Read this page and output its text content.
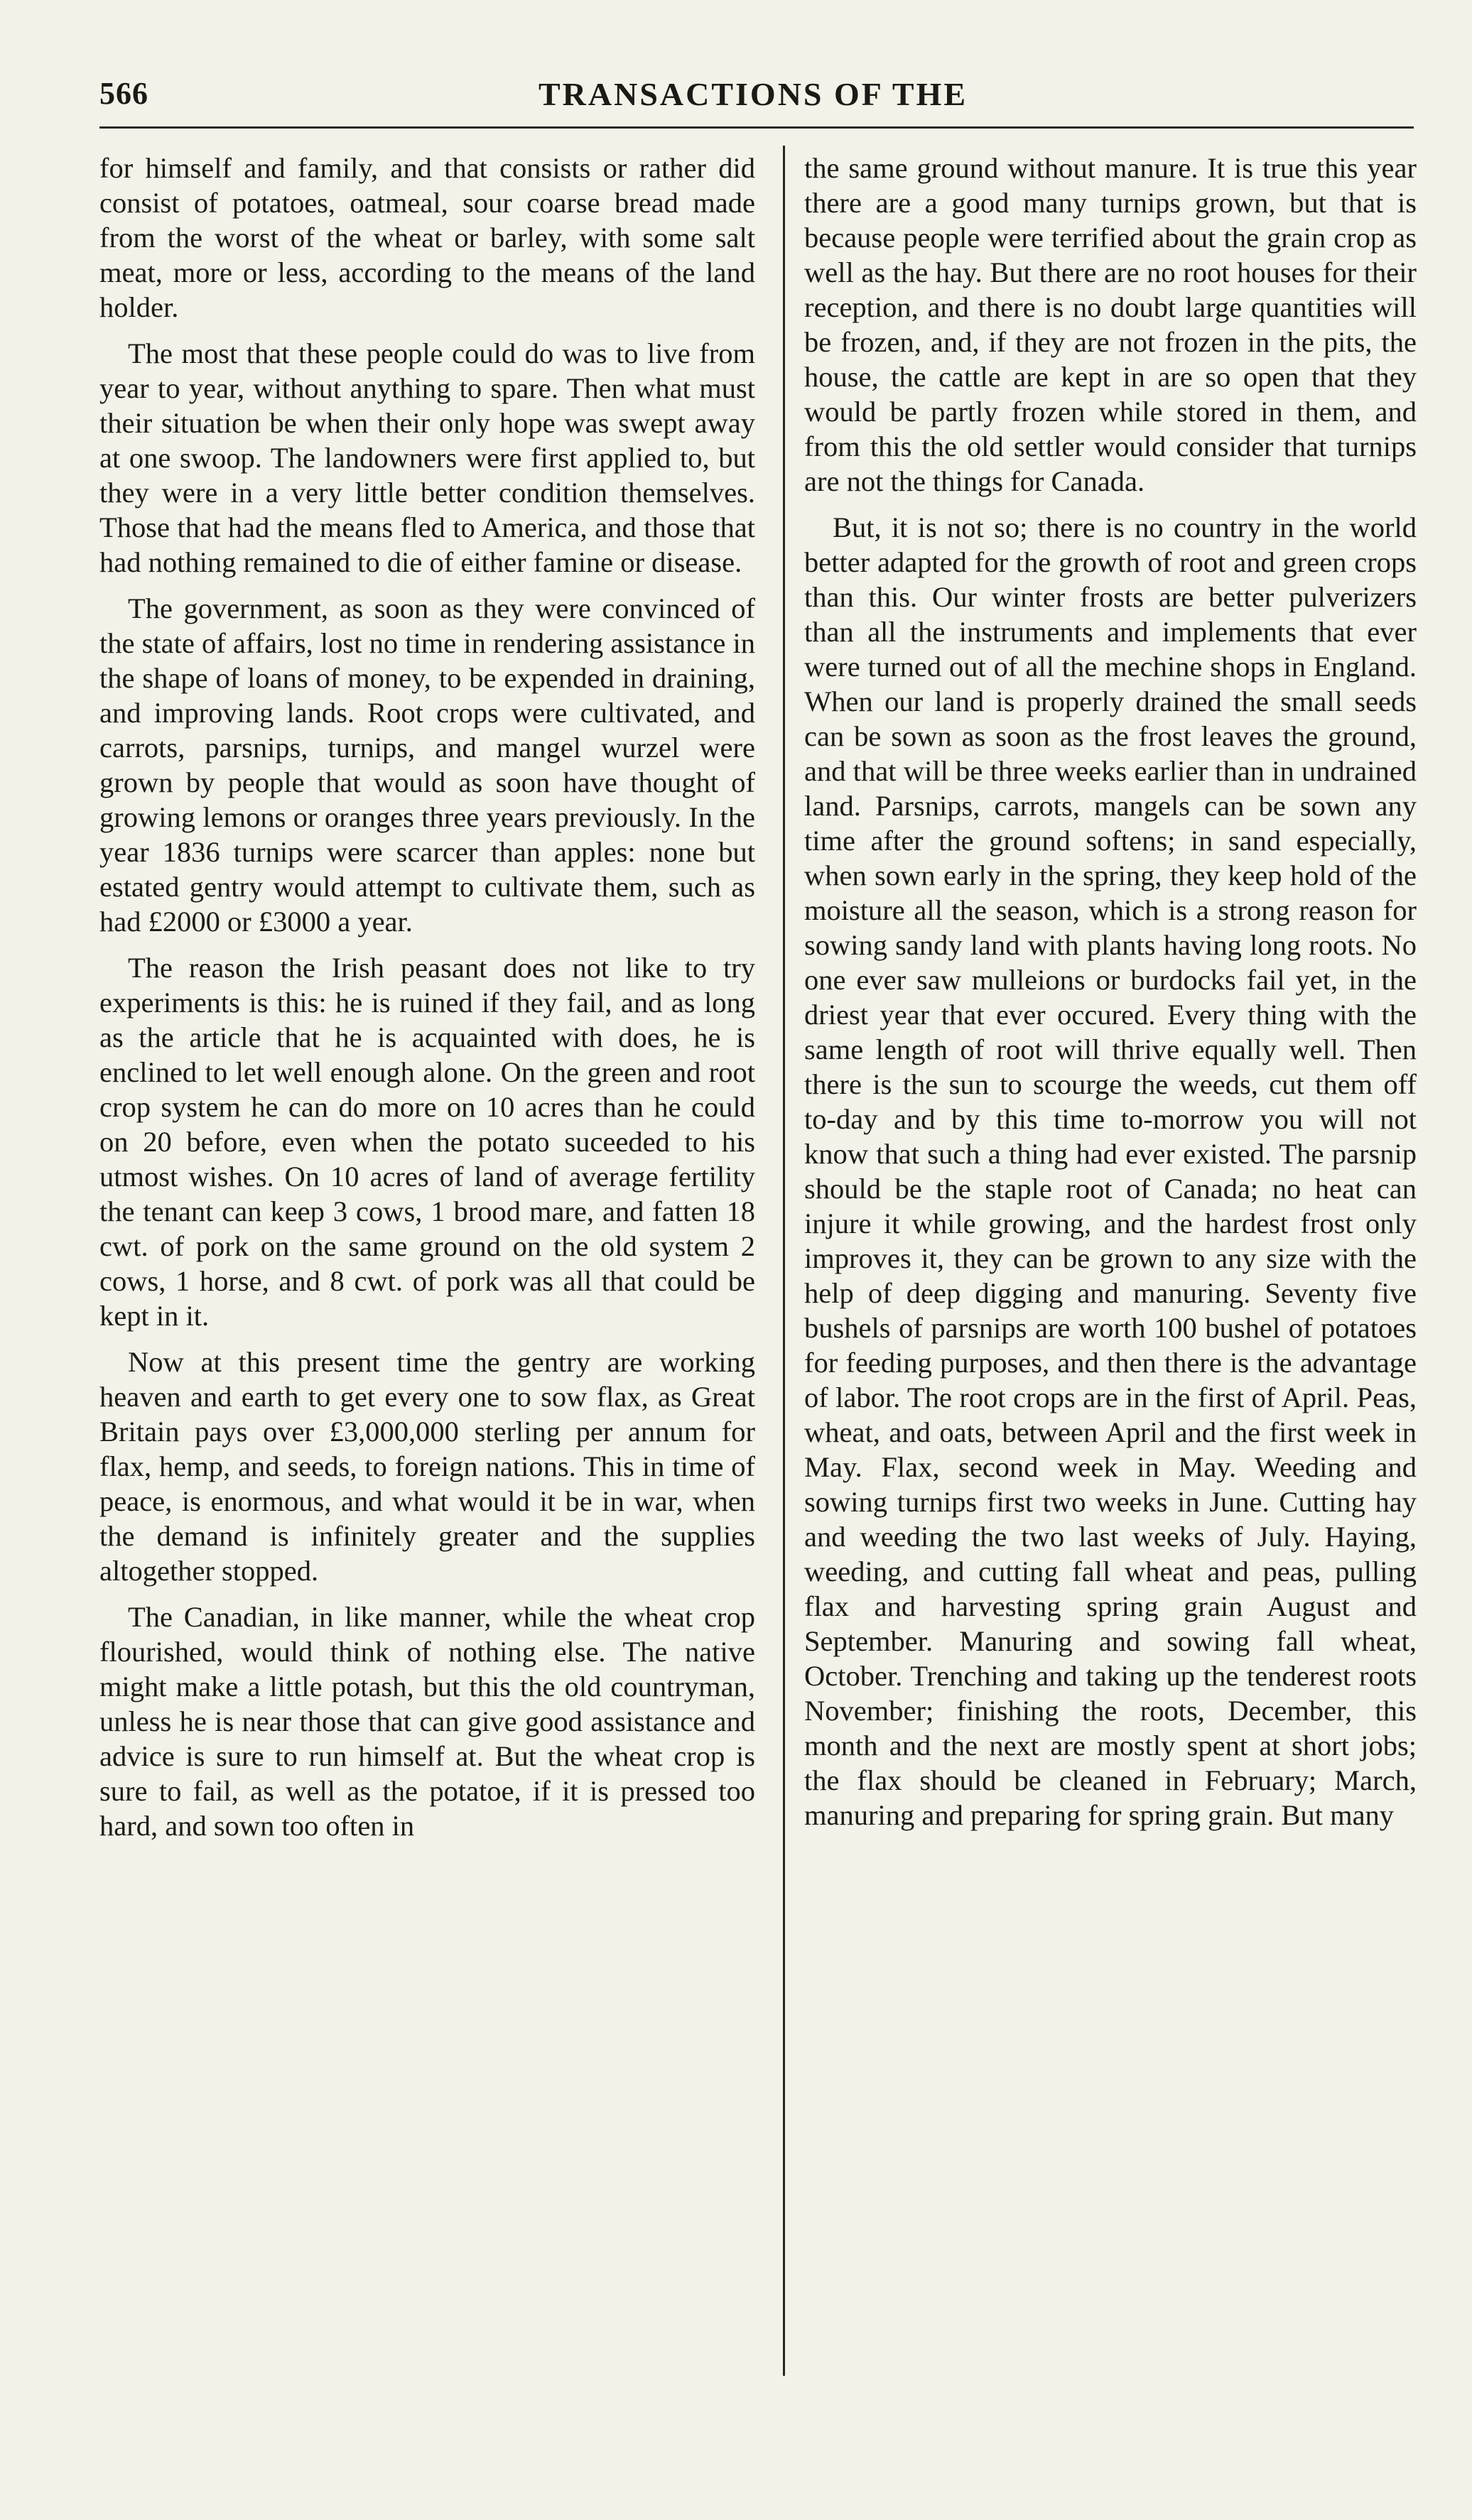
566	TRANSACTIONS OF THE

for himself and family, and that consists or rather did consist of potatoes, oatmeal, sour coarse bread made from the worst of the wheat or barley, with some salt meat, more or less, according to the means of the land holder.

The most that these people could do was to live from year to year, without anything to spare. Then what must their situation be when their only hope was swept away at one swoop. The landowners were first applied to, but they were in a very little better condition themselves. Those that had the means fled to America, and those that had nothing remained to die of either famine or disease.

The government, as soon as they were convinced of the state of affairs, lost no time in rendering assistance in the shape of loans of money, to be expended in draining, and improving lands. Root crops were cultivated, and carrots, parsnips, turnips, and mangel wurzel were grown by people that would as soon have thought of growing lemons or oranges three years previously. In the year 1836 turnips were scarcer than apples: none but estated gentry would attempt to cultivate them, such as had £2000 or £3000 a year.

The reason the Irish peasant does not like to try experiments is this: he is ruined if they fail, and as long as the article that he is acquainted with does, he is enclined to let well enough alone. On the green and root crop system he can do more on 10 acres than he could on 20 before, even when the potato suceeded to his utmost wishes. On 10 acres of land of average fertility the tenant can keep 3 cows, 1 brood mare, and fatten 18 cwt. of pork on the same ground on the old system 2 cows, 1 horse, and 8 cwt. of pork was all that could be kept in it.

Now at this present time the gentry are working heaven and earth to get every one to sow flax, as Great Britain pays over £3,000,000 sterling per annum for flax, hemp, and seeds, to foreign nations. This in time of peace, is enormous, and what would it be in war, when the demand is infinitely greater and the supplies altogether stopped.

The Canadian, in like manner, while the wheat crop flourished, would think of nothing else. The native might make a little potash, but this the old countryman, unless he is near those that can give good assistance and advice is sure to run himself at. But the wheat crop is sure to fail, as well as the potatoe, if it is pressed too hard, and sown too often in

the same ground without manure. It is true this year there are a good many turnips grown, but that is because people were terrified about the grain crop as well as the hay. But there are no root houses for their reception, and there is no doubt large quantities will be frozen, and, if they are not frozen in the pits, the house, the cattle are kept in are so open that they would be partly frozen while stored in them, and from this the old settler would consider that turnips are not the things for Canada.

But, it is not so; there is no country in the world better adapted for the growth of root and green crops than this. Our winter frosts are better pulverizers than all the instruments and implements that ever were turned out of all the mechine shops in England. When our land is properly drained the small seeds can be sown as soon as the frost leaves the ground, and that will be three weeks earlier than in undrained land. Parsnips, carrots, mangels can be sown any time after the ground softens; in sand especially, when sown early in the spring, they keep hold of the moisture all the season, which is a strong reason for sowing sandy land with plants having long roots. No one ever saw mulleions or burdocks fail yet, in the driest year that ever occured. Every thing with the same length of root will thrive equally well. Then there is the sun to scourge the weeds, cut them off to-day and by this time to-morrow you will not know that such a thing had ever existed. The parsnip should be the staple root of Canada; no heat can injure it while growing, and the hardest frost only improves it, they can be grown to any size with the help of deep digging and manuring. Seventy five bushels of parsnips are worth 100 bushel of potatoes for feeding purposes, and then there is the advantage of labor. The root crops are in the first of April. Peas, wheat, and oats, between April and the first week in May. Flax, second week in May. Weeding and sowing turnips first two weeks in June. Cutting hay and weeding the two last weeks of July. Haying, weeding, and cutting fall wheat and peas, pulling flax and harvesting spring grain August and September. Manuring and sowing fall wheat, October. Trenching and taking up the tenderest roots November; finishing the roots, December, this month and the next are mostly spent at short jobs; the flax should be cleaned in February; March, manuring and preparing for spring grain. But many
